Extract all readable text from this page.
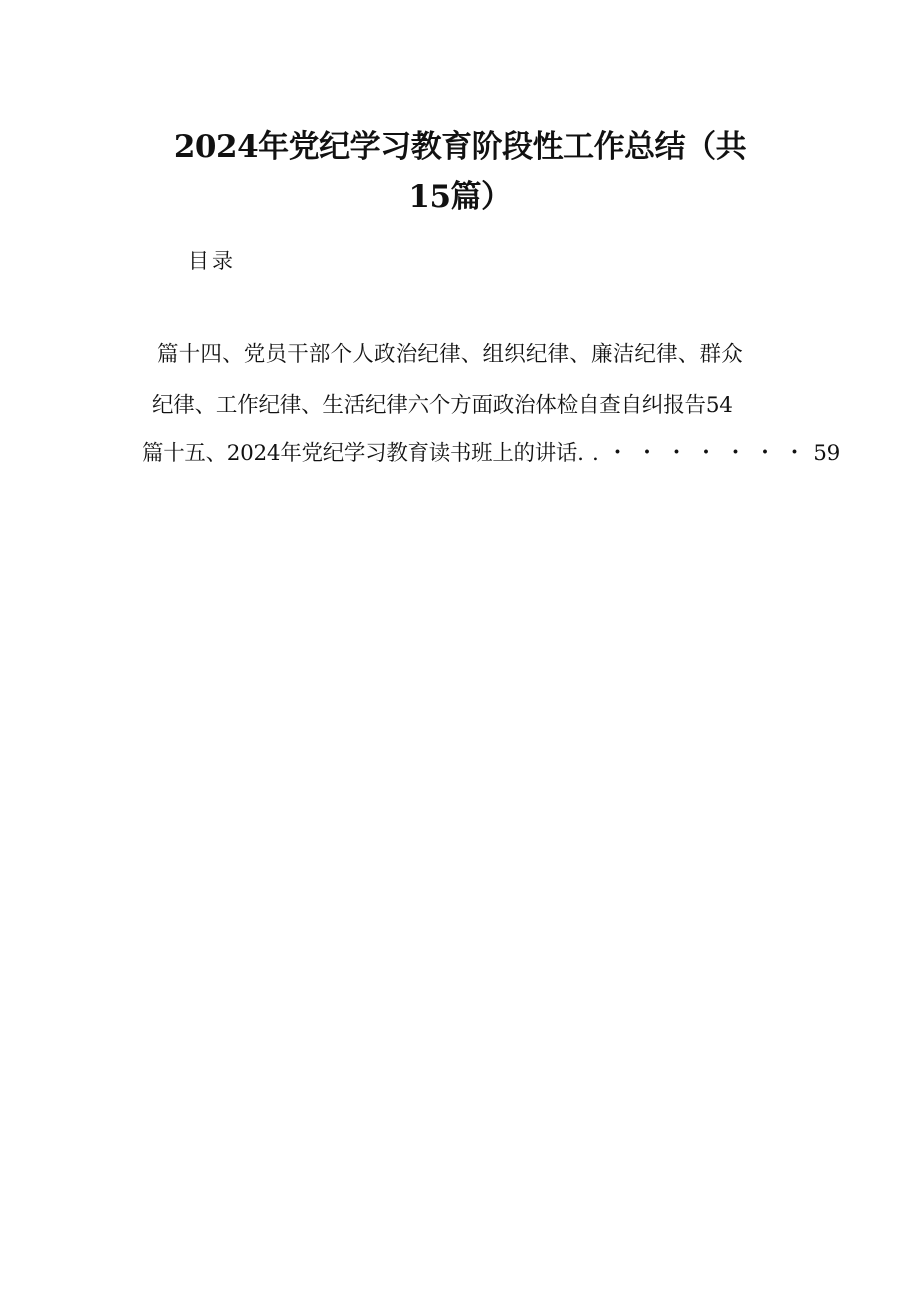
2024年党纪学习教育阶段性工作总结（共
15篇）
目录
篇十四、党员干部个人政治纪律、组织纪律、廉洁纪律、群众
纪律、工作纪律、生活纪律六个方面政治体检自查自纠报告54
篇十五、2024年党纪学习教育读书班上的讲话..・・・・・・・59
